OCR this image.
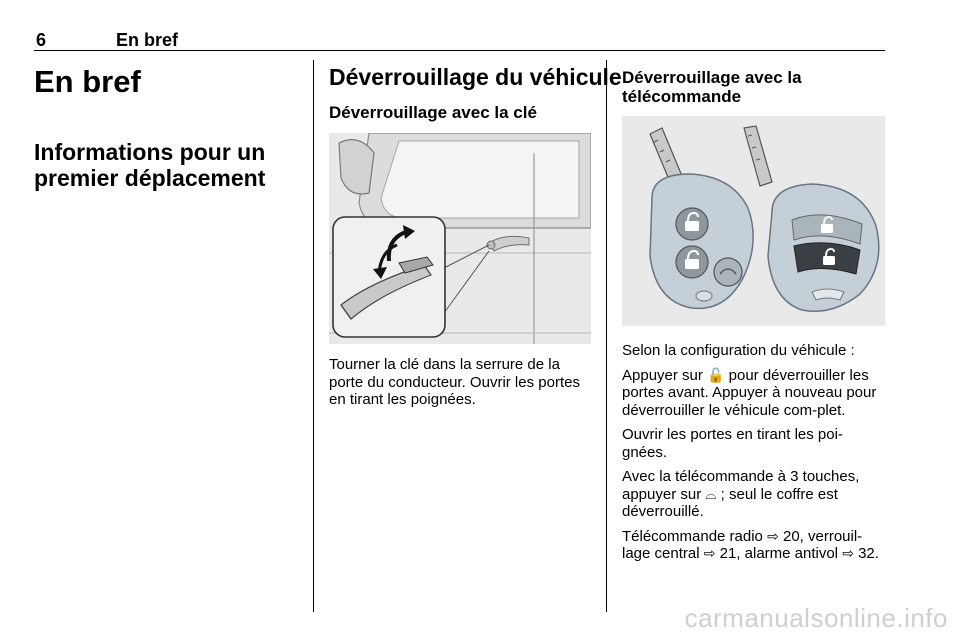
6	En bref
En bref
Informations pour un premier déplacement
Déverrouillage du véhicule
Déverrouillage avec la clé

Tourner la clé dans la serrure de la porte du conducteur. Ouvrir les portes en tirant les poignées.

Déverrouillage avec la télécommande

Selon la configuration du véhicule :

Appuyer sur 🔓 pour déverrouiller les portes avant. Appuyer à nouveau pour déverrouiller le véhicule com-plet.

Ouvrir les portes en tirant les poi-gnées.

Avec la télécommande à 3 touches, appuyer sur ⌓ ; seul le coffre est déverrouillé.

Télécommande radio ⇨ 20, verrouil-lage central ⇨ 21, alarme antivol ⇨ 32.

carmanualsonline.info
